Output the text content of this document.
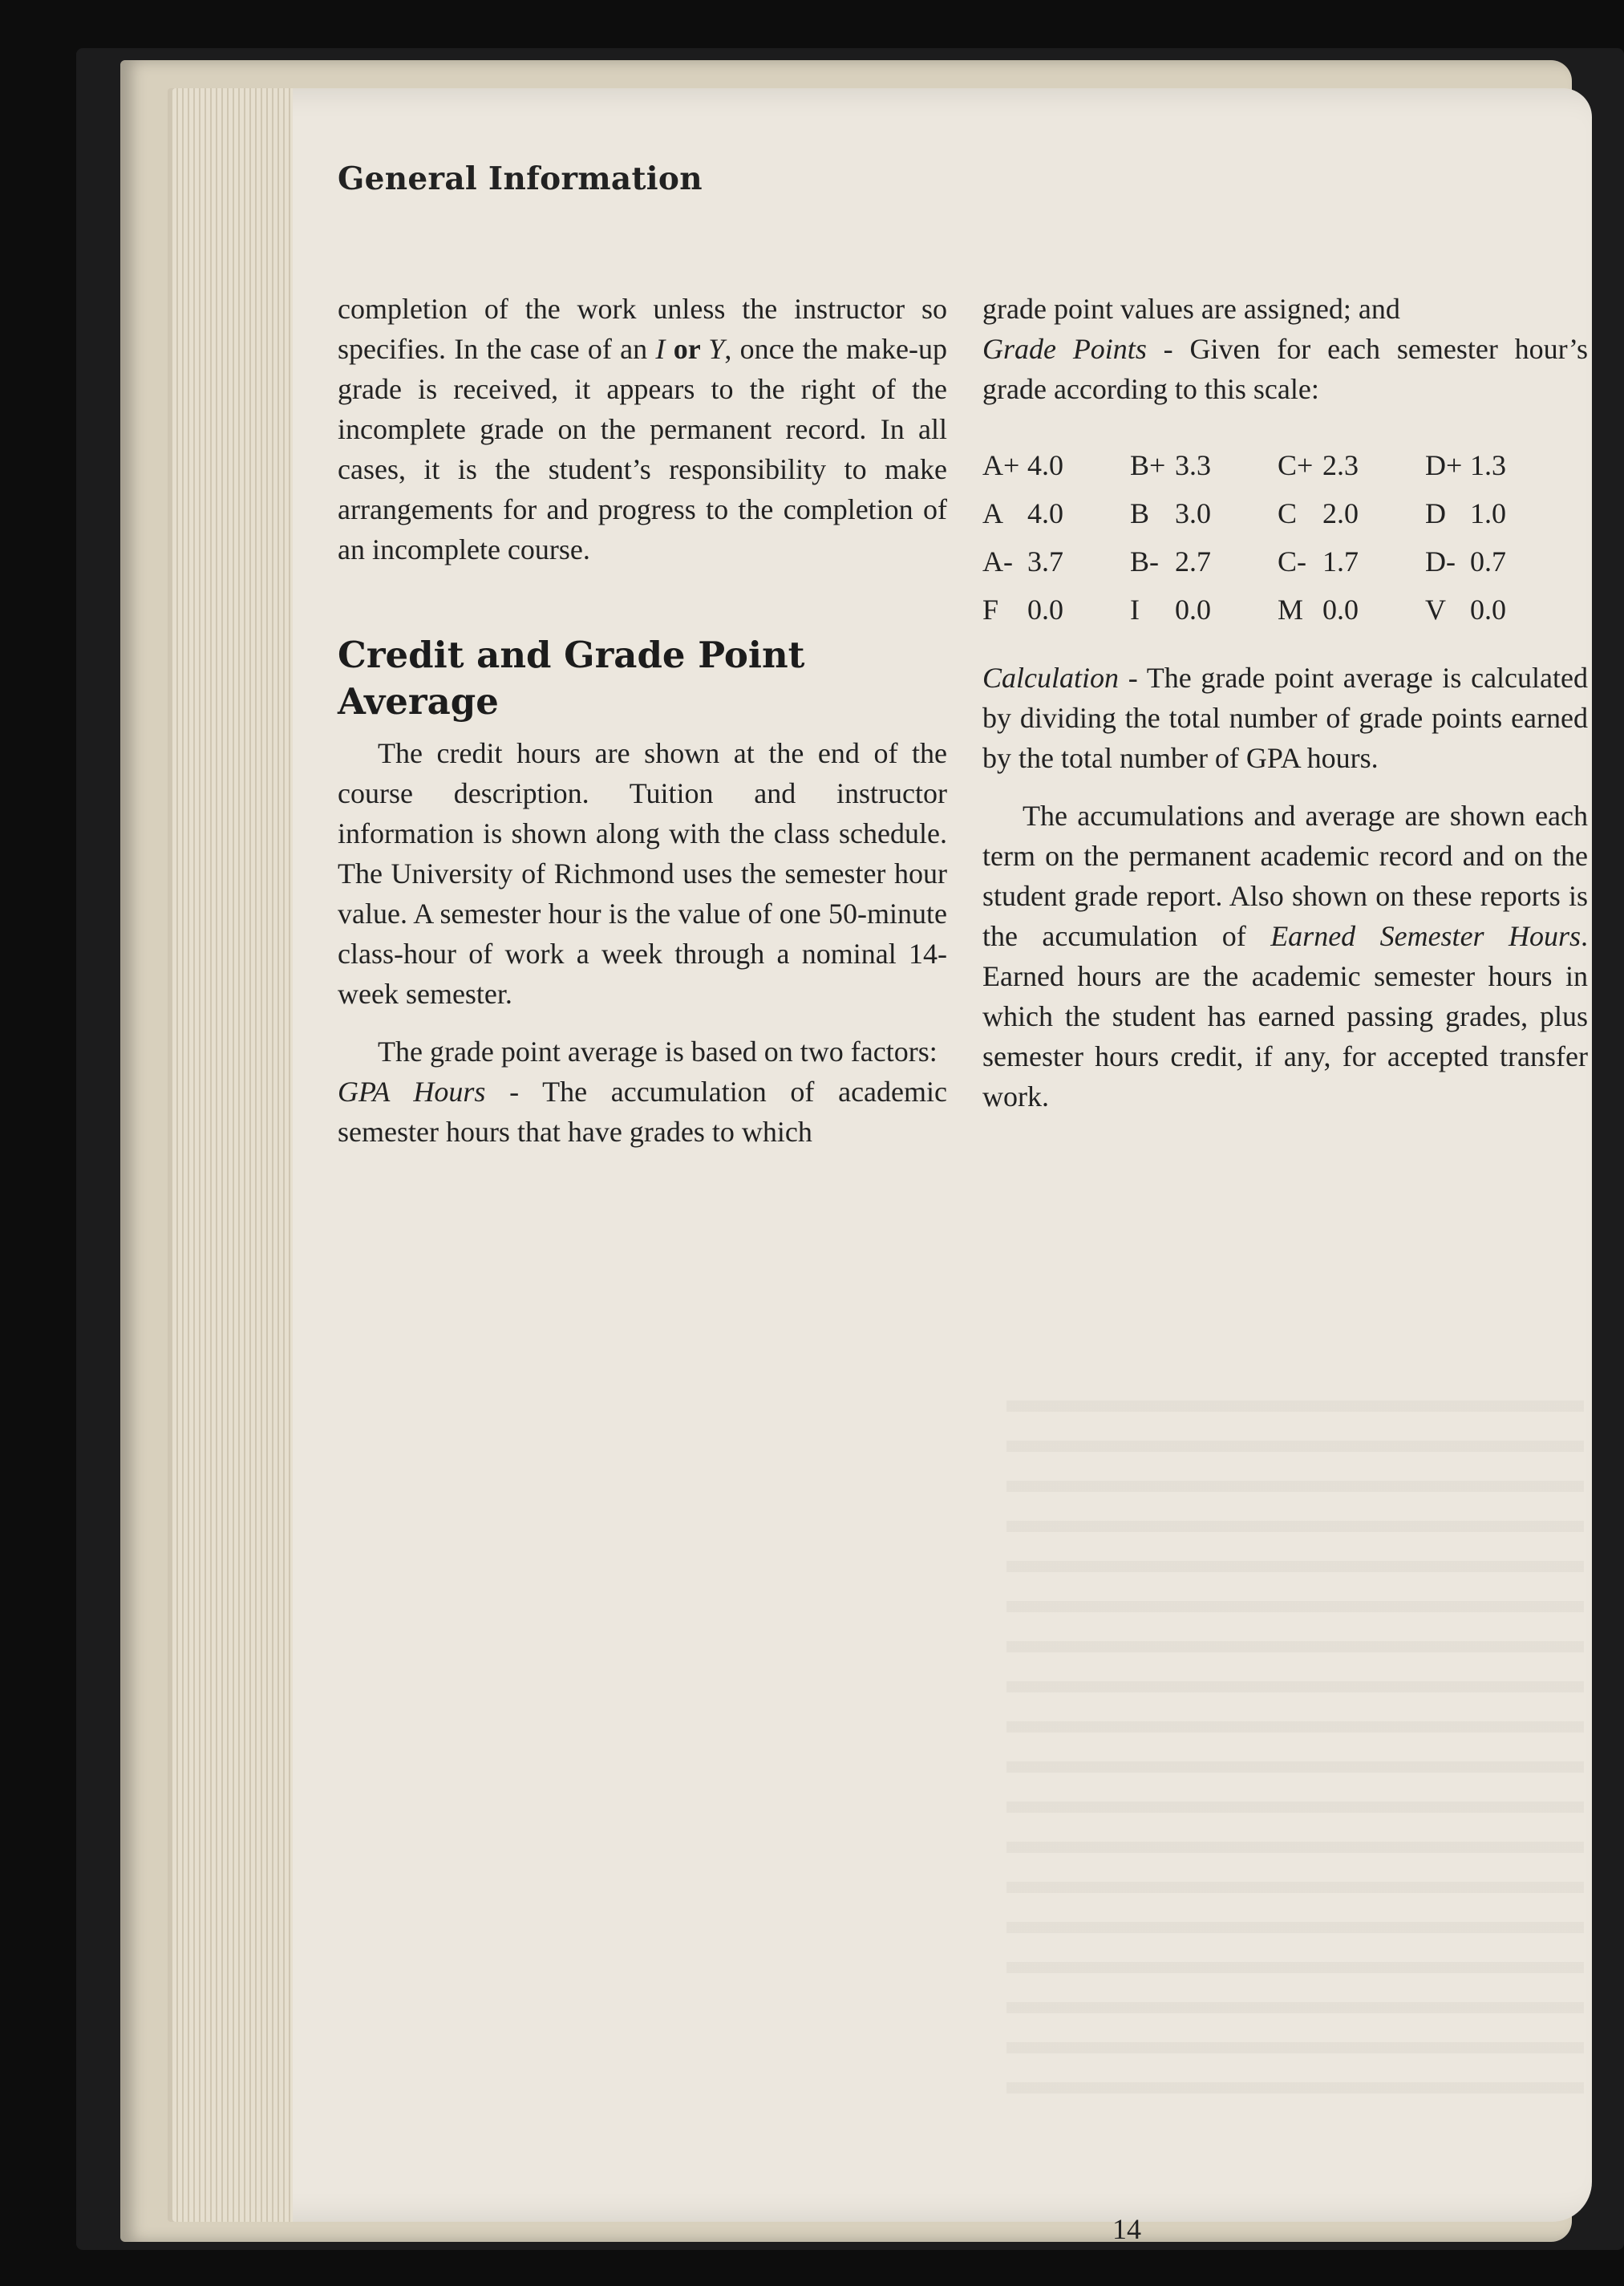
General Information

completion of the work unless the instructor so specifies. In the case of an I or Y, once the make-up grade is received, it appears to the right of the incomplete grade on the permanent record. In all cases, it is the student’s responsibility to make arrangements for and progress to the completion of an incomplete course.

Credit and Grade Point Average

The credit hours are shown at the end of the course description. Tuition and instructor information is shown along with the class schedule. The University of Richmond uses the semester hour value. A semester hour is the value of one 50-minute class-hour of work a week through a nominal 14-week semester.

The grade point average is based on two factors:

GPA Hours - The accumulation of academic semester hours that have grades to which

grade point values are assigned; and

Grade Points - Given for each semester hour’s grade according to this scale:

A+	4.0	B+	3.3	C+	2.3	D+	1.3
A	4.0	B	3.0	C	2.0	D	1.0
A-	3.7	B-	2.7	C-	1.7	D-	0.7
F	0.0	I	0.0	M	0.0	V	0.0

Calculation - The grade point average is calculated by dividing the total number of grade points earned by the total number of GPA hours.

The accumulations and average are shown each term on the permanent academic record and on the student grade report. Also shown on these reports is the accumulation of Earned Semester Hours. Earned hours are the academic semester hours in which the student has earned passing grades, plus semester hours credit, if any, for accepted transfer work.

14
